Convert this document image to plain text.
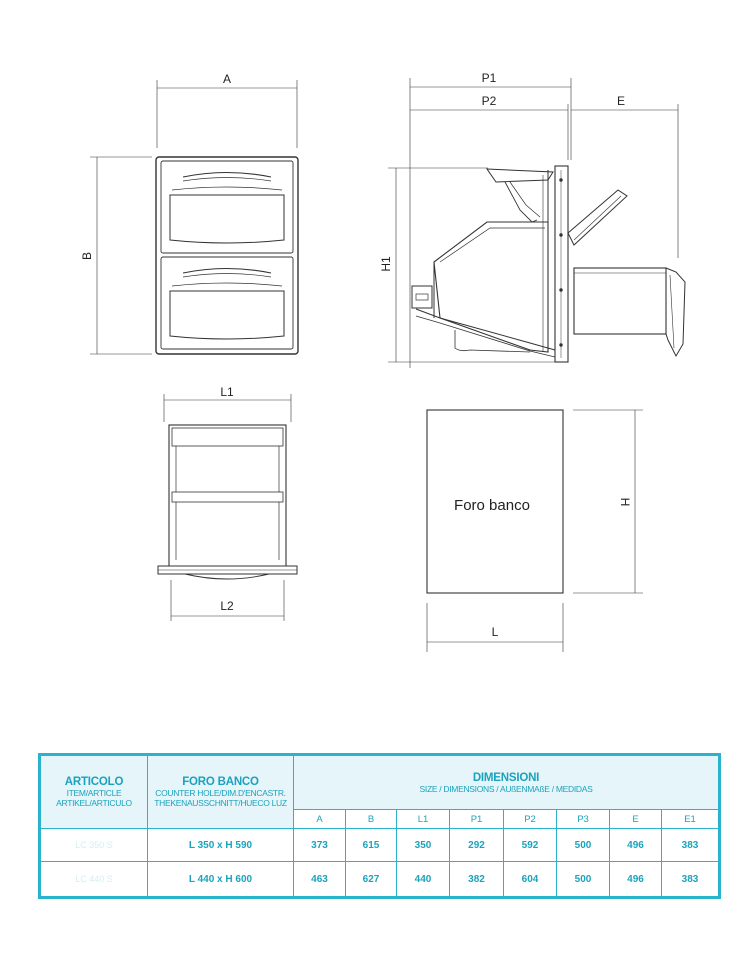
A
B
P1
P2	E
H1
L1
L2
Foro banco	H
L
ARTICOLO
ITEM/ARTICLE
ARTIKEL/ARTICULO
FORO BANCO
COUNTER HOLE/DIM.D'ENCASTR.
THEKENAUSSCHNITT/HUECO LUZ
DIMENSIONI
SIZE / DIMENSIONS / AUßENMAßE / MEDIDAS
A	B	L1	P1	P2	P3	E	E1
LC 350 S	L 350 x H 590	373	615	350	292	592	500	496	383
LC 440 S	L 440 x H 600	463	627	440	382	604	500	496	383
